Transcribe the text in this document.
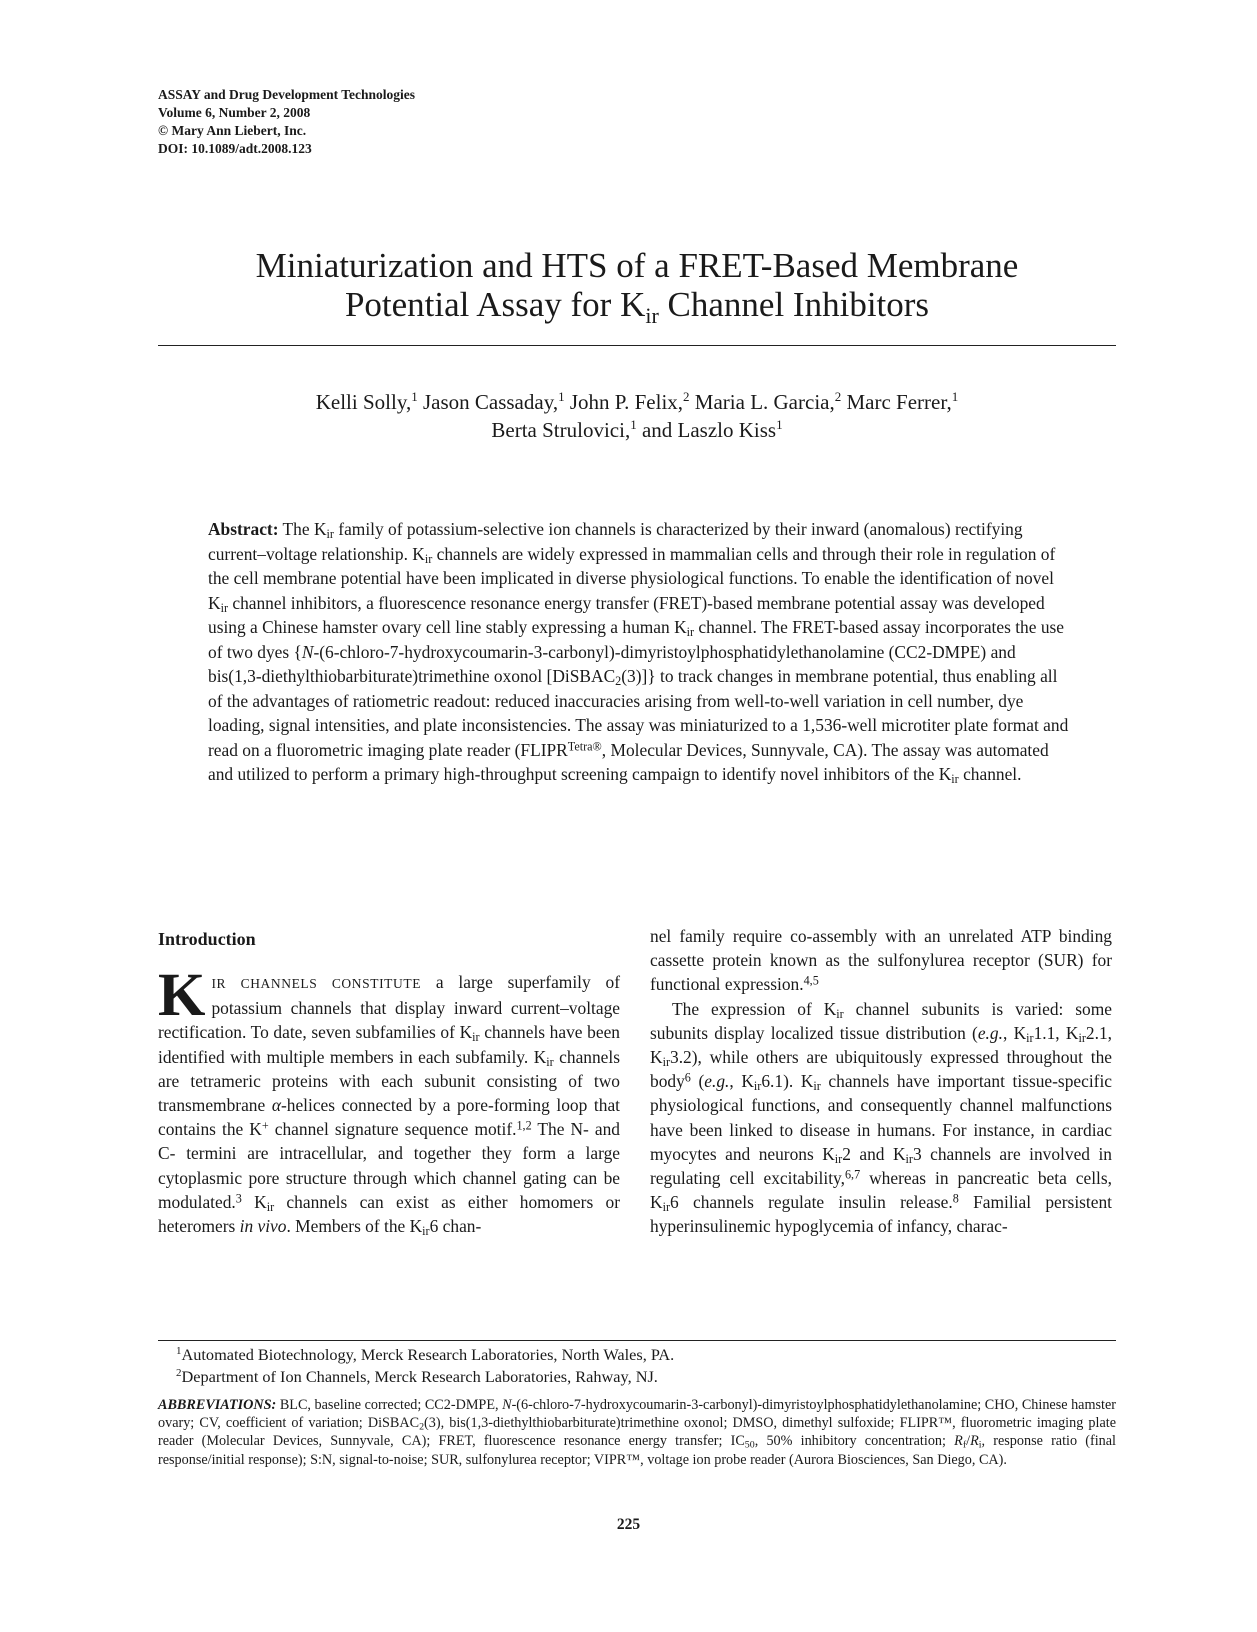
ASSAY and Drug Development Technologies
Volume 6, Number 2, 2008
© Mary Ann Liebert, Inc.
DOI: 10.1089/adt.2008.123
Miniaturization and HTS of a FRET-Based Membrane
Potential Assay for $K_{ir}$ Channel Inhibitors
Kelli Solly,$^1$ Jason Cassaday,$^1$ John P. Felix,$^2$ Maria L. Garcia,$^2$ Marc Ferrer,$^1$
Berta Strulovici,$^1$ and Laszlo Kiss$^1$
Abstract: The $K_{ir}$ family of potassium-selective ion channels is characterized by their inward (anomalous) rectifying current–voltage relationship. $K_{ir}$ channels are widely expressed in mammalian cells and through their role in regulation of the cell membrane potential have been implicated in diverse physiological functions. To enable the identification of novel $K_{ir}$ channel inhibitors, a fluorescence resonance energy transfer (FRET)-based membrane potential assay was developed using a Chinese hamster ovary cell line stably expressing a human $K_{ir}$ channel. The FRET-based assay incorporates the use of two dyes {N-(6-chloro-7-hydroxycoumarin-3-carbonyl)-dimyristoylphosphatidylethanolamine (CC2-DMPE) and bis(1,3-diethylthiobarbiturate)trimethine oxonol [DiSBAC$_2$(3)]} to track changes in membrane potential, thus enabling all of the advantages of ratiometric readout: reduced inaccuracies arising from well-to-well variation in cell number, dye loading, signal intensities, and plate inconsistencies. The assay was miniaturized to a 1,536-well microtiter plate format and read on a fluorometric imaging plate reader ($FLIPR^{Tetra®}$, Molecular Devices, Sunnyvale, CA). The assay was automated and utilized to perform a primary high-throughput screening campaign to identify novel inhibitors of the $K_{ir}$ channel.
Introduction

KIR CHANNELS CONSTITUTE a large superfamily of potassium channels that display inward current–voltage rectification. To date, seven subfamilies of $K_{ir}$ channels have been identified with multiple members in each subfamily. $K_{ir}$ channels are tetrameric proteins with each subunit consisting of two transmembrane α-helices connected by a pore-forming loop that contains the K+ channel signature sequence motif.$^{1,2}$ The N- and C- termini are intracellular, and together they form a large cytoplasmic pore structure through which channel gating can be modulated.$^3$ $K_{ir}$ channels can exist as either homomers or heteromers in vivo. Members of the $K_{ir}6$ chan-

nel family require co-assembly with an unrelated ATP binding cassette protein known as the sulfonylurea receptor (SUR) for functional expression.$^{4,5}$

The expression of $K_{ir}$ channel subunits is varied: some subunits display localized tissue distribution (e.g., $K_{ir}1.1$, $K_{ir}2.1$, $K_{ir}3.2$), while others are ubiquitously expressed throughout the body$^6$ (e.g., $K_{ir}6.1$). $K_{ir}$ channels have important tissue-specific physiological functions, and consequently channel malfunctions have been linked to disease in humans. For instance, in cardiac myocytes and neurons $K_{ir}2$ and $K_{ir}3$ channels are involved in regulating cell excitability,$^{6,7}$ whereas in pancreatic beta cells, $K_{ir}6$ channels regulate insulin release.$^8$ Familial persistent hyperinsulinemic hypoglycemia of infancy, charac-

$^1$Automated Biotechnology, Merck Research Laboratories, North Wales, PA.
$^2$Department of Ion Channels, Merck Research Laboratories, Rahway, NJ.
ABBREVIATIONS: BLC, baseline corrected; CC2-DMPE, N-(6-chloro-7-hydroxycoumarin-3-carbonyl)-dimyristoylphosphatidylethanolamine; CHO, Chinese hamster ovary; CV, coefficient of variation; DiSBAC$_2$(3), bis(1,3-diethylthiobarbiturate)trimethine oxonol; DMSO, dimethyl sulfoxide; FLIPR™, fluorometric imaging plate reader (Molecular Devices, Sunnyvale, CA); FRET, fluorescence resonance energy transfer; $IC_{50}$, 50% inhibitory concentration; $R_f/R_i$, response ratio (final response/initial response); S:N, signal-to-noise; SUR, sulfonylurea receptor; VIPR™, voltage ion probe reader (Aurora Biosciences, San Diego, CA).
225
